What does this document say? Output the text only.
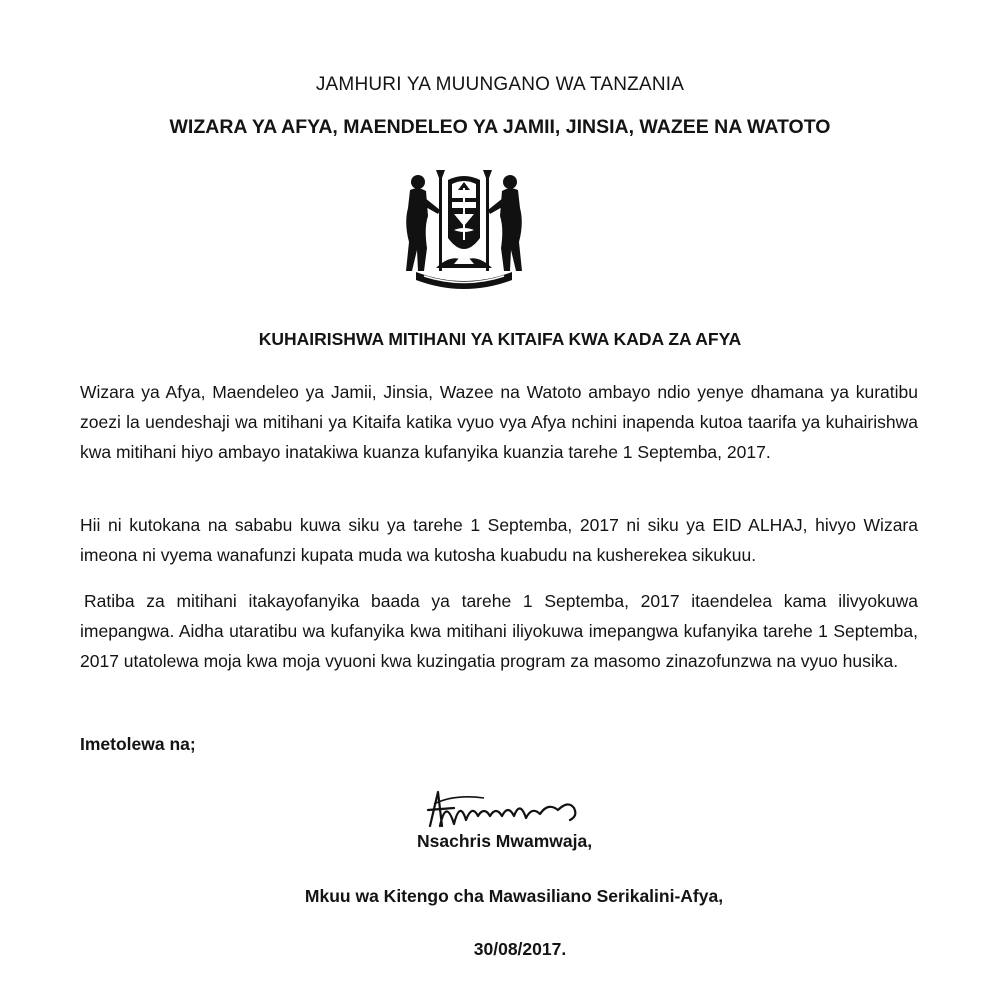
JAMHURI YA MUUNGANO WA TANZANIA
WIZARA YA AFYA, MAENDELEO YA JAMII, JINSIA, WAZEE NA WATOTO
KUHAIRISHWA MITIHANI YA KITAIFA KWA KADA ZA AFYA

Wizara ya Afya, Maendeleo ya Jamii, Jinsia, Wazee na Watoto ambayo ndio yenye dhamana ya kuratibu zoezi la uendeshaji wa mitihani ya Kitaifa katika vyuo vya Afya nchini inapenda kutoa taarifa ya kuhairishwa kwa mitihani hiyo ambayo inatakiwa kuanza kufanyika kuanzia tarehe 1 Septemba, 2017.

Hii ni kutokana na sababu kuwa siku ya tarehe 1 Septemba, 2017 ni siku ya EID ALHAJ, hivyo Wizara imeona ni vyema wanafunzi kupata muda wa kutosha kuabudu na kusherekea sikukuu.

Ratiba za mitihani itakayofanyika baada ya tarehe 1 Septemba, 2017 itaendelea kama ilivyokuwa imepangwa. Aidha utaratibu wa kufanyika kwa mitihani iliyokuwa imepangwa kufanyika tarehe 1 Septemba, 2017 utatolewa moja kwa moja vyuoni kwa kuzingatia program za masomo zinazofunzwa na vyuo husika.

Imetolewa na;
Nsachris Mwamwaja,
Mkuu wa Kitengo cha Mawasiliano Serikalini-Afya,
30/08/2017.
